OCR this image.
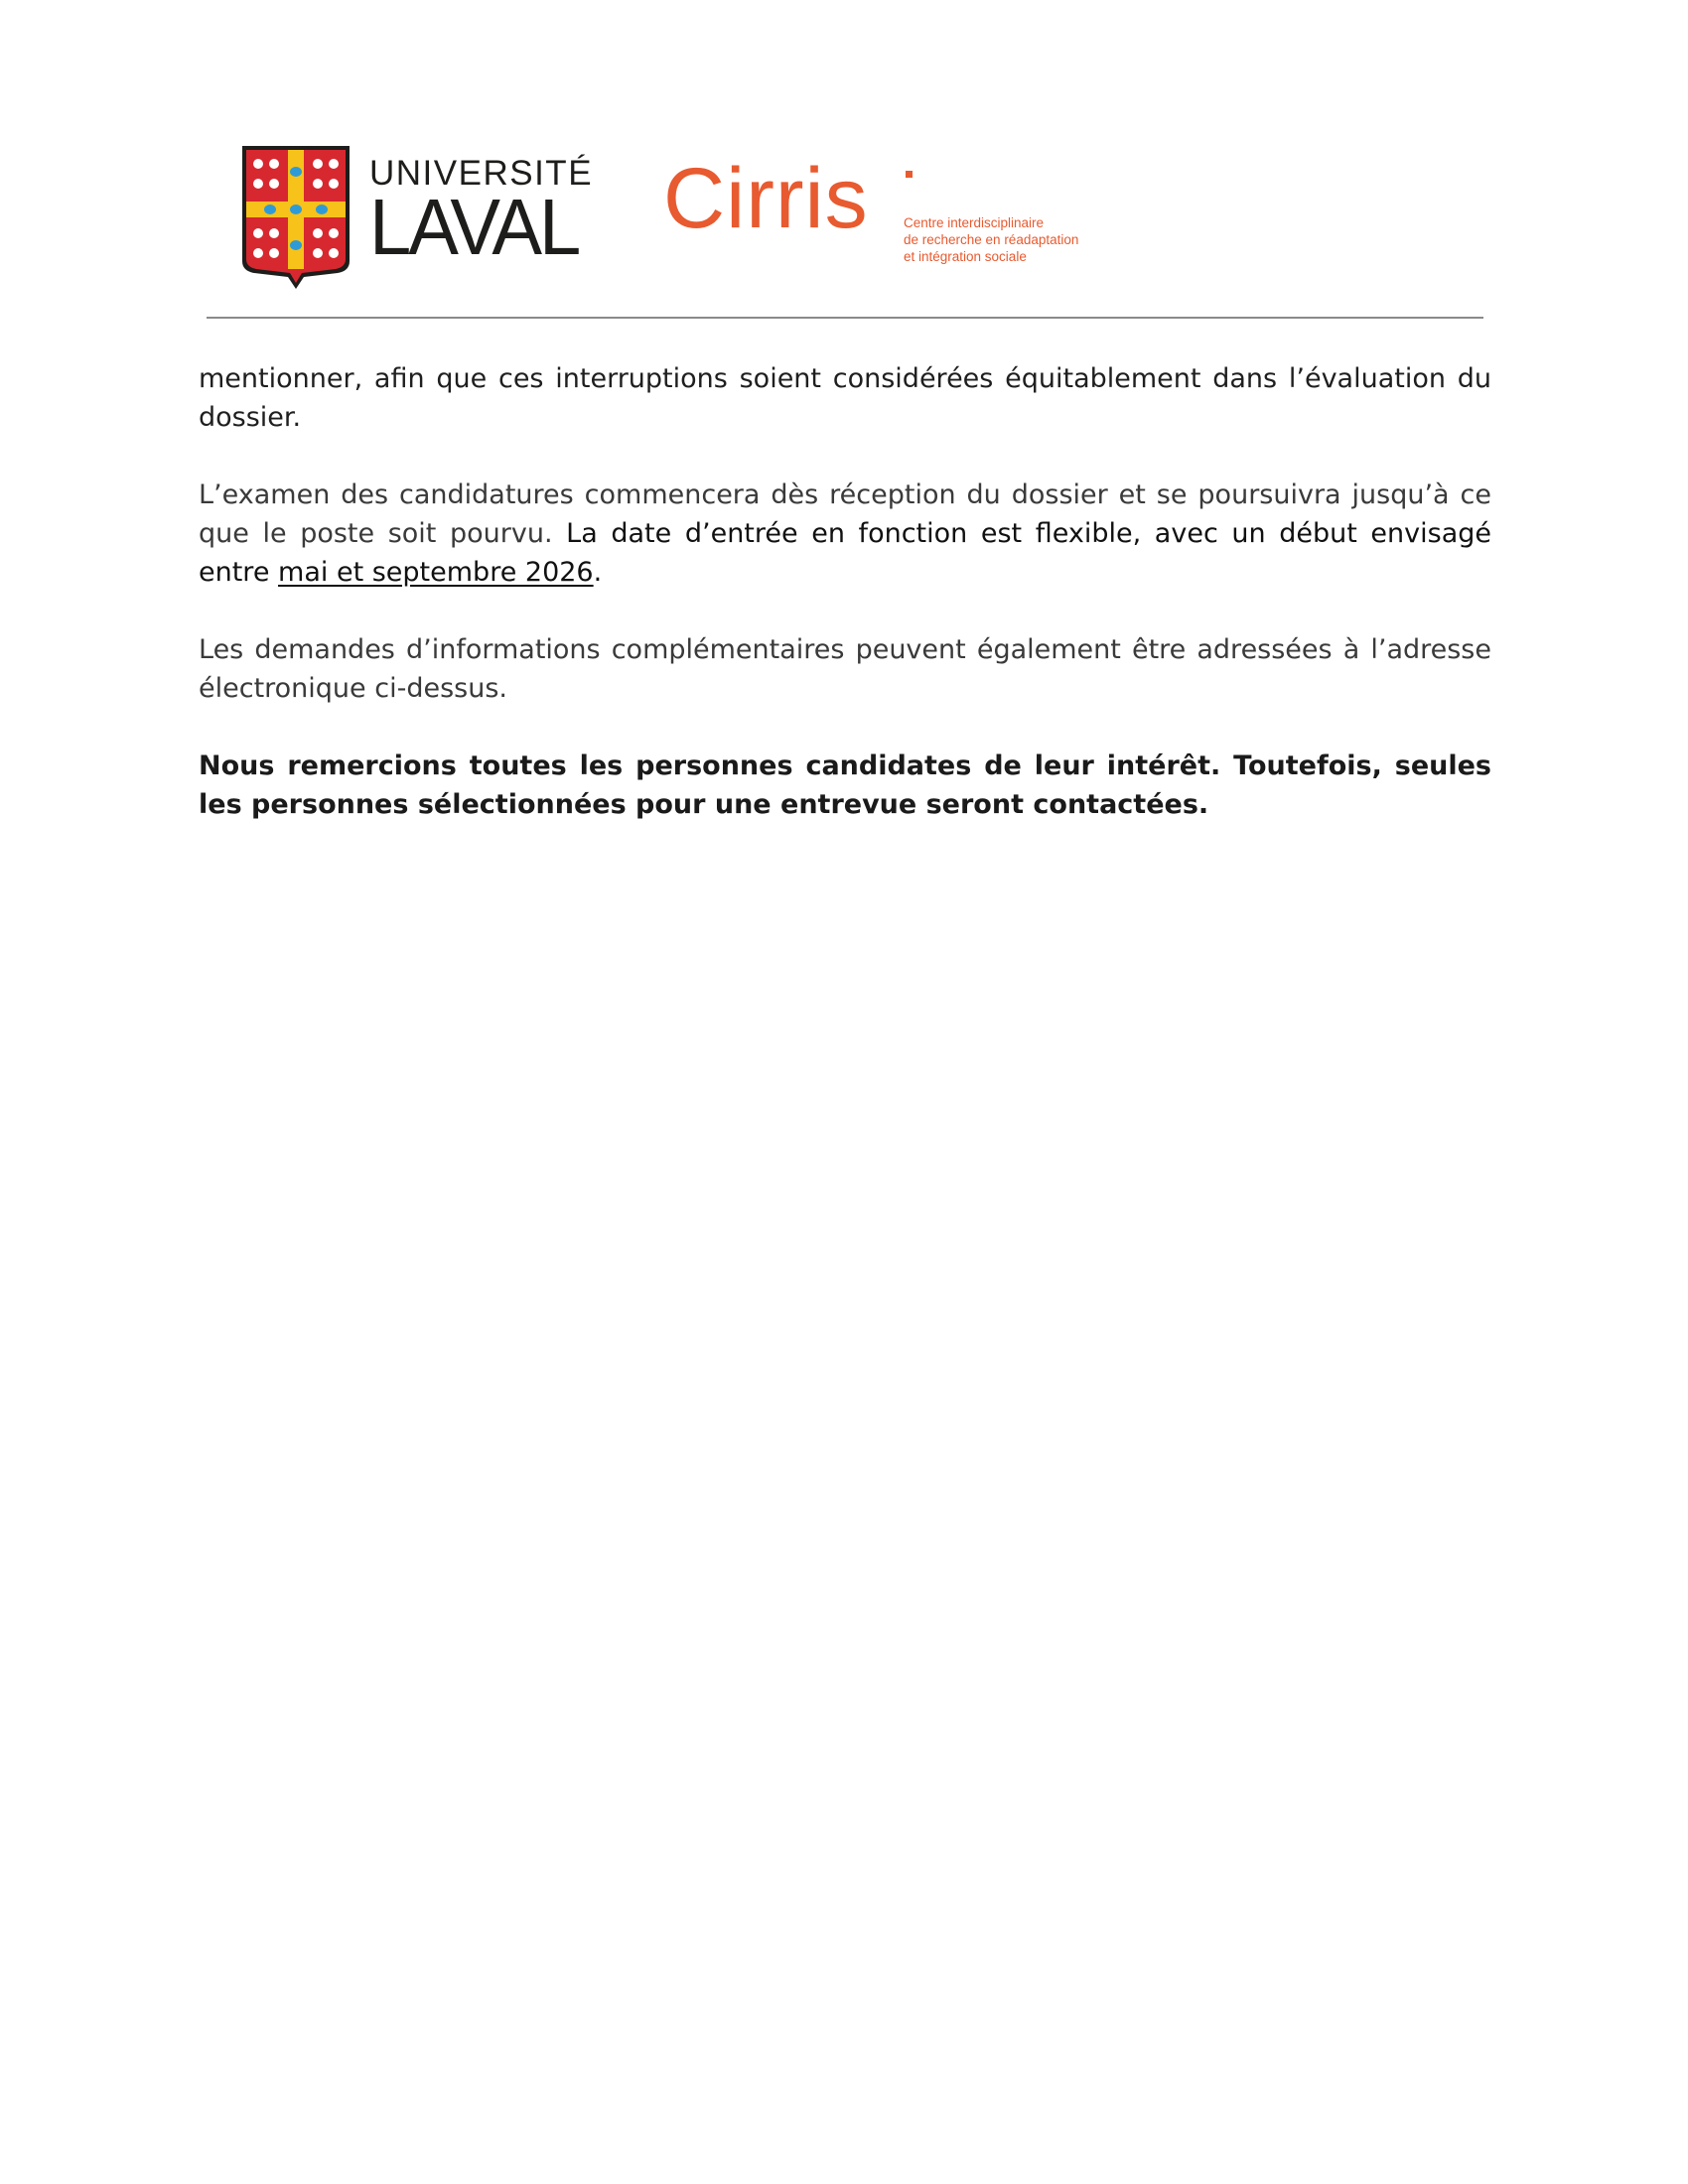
UNIVERSITÉ
LAVAL Cirris	Centre interdisciplinaire
de recherche en réadaptation
et intégration sociale

mentionner, afin que ces interruptions soient considérées équitablement dans l’évaluation du dossier.

L’examen des candidatures commencera dès réception du dossier et se poursuivra jusqu’à ce que le poste soit pourvu. La date d’entrée en fonction est flexible, avec un début envisagé entre mai et septembre 2026.

Les demandes d’informations complémentaires peuvent également être adressées à l’adresse électronique ci-dessus.

Nous remercions toutes les personnes candidates de leur intérêt. Toutefois, seules les personnes sélectionnées pour une entrevue seront contactées.
